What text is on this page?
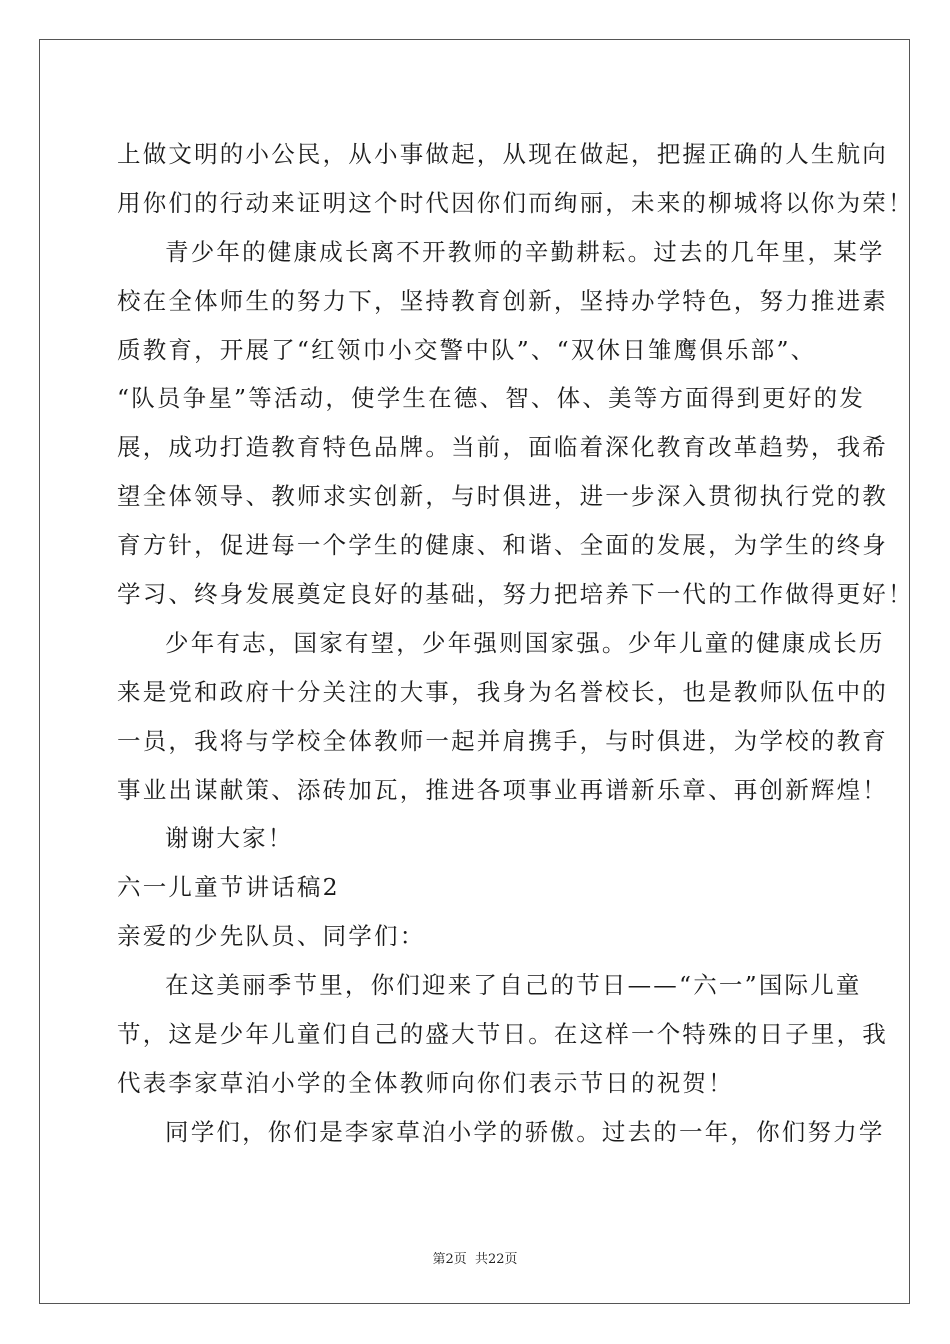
上做文明的小公民，从小事做起，从现在做起，把握正确的人生航向
用你们的行动来证明这个时代因你们而绚丽，未来的柳城将以你为荣！
青少年的健康成长离不开教师的辛勤耕耘。过去的几年里，某学
校在全体师生的努力下，坚持教育创新，坚持办学特色，努力推进素
质教育，开展了“红领巾小交警中队”、“双休日雏鹰俱乐部”、
“队员争星”等活动，使学生在德、智、体、美等方面得到更好的发
展，成功打造教育特色品牌。当前，面临着深化教育改革趋势，我希
望全体领导、教师求实创新，与时俱进，进一步深入贯彻执行党的教
育方针，促进每一个学生的健康、和谐、全面的发展，为学生的终身
学习、终身发展奠定良好的基础，努力把培养下一代的工作做得更好！
少年有志，国家有望，少年强则国家强。少年儿童的健康成长历
来是党和政府十分关注的大事，我身为名誉校长，也是教师队伍中的
一员，我将与学校全体教师一起并肩携手，与时俱进，为学校的教育
事业出谋献策、添砖加瓦，推进各项事业再谱新乐章、再创新辉煌！
谢谢大家！
六一儿童节讲话稿2
亲爱的少先队员、同学们：
在这美丽季节里，你们迎来了自己的节日——“六一”国际儿童
节，这是少年儿童们自己的盛大节日。在这样一个特殊的日子里，我
代表李家草泊小学的全体教师向你们表示节日的祝贺！
同学们，你们是李家草泊小学的骄傲。过去的一年，你们努力学
第2页 共22页
